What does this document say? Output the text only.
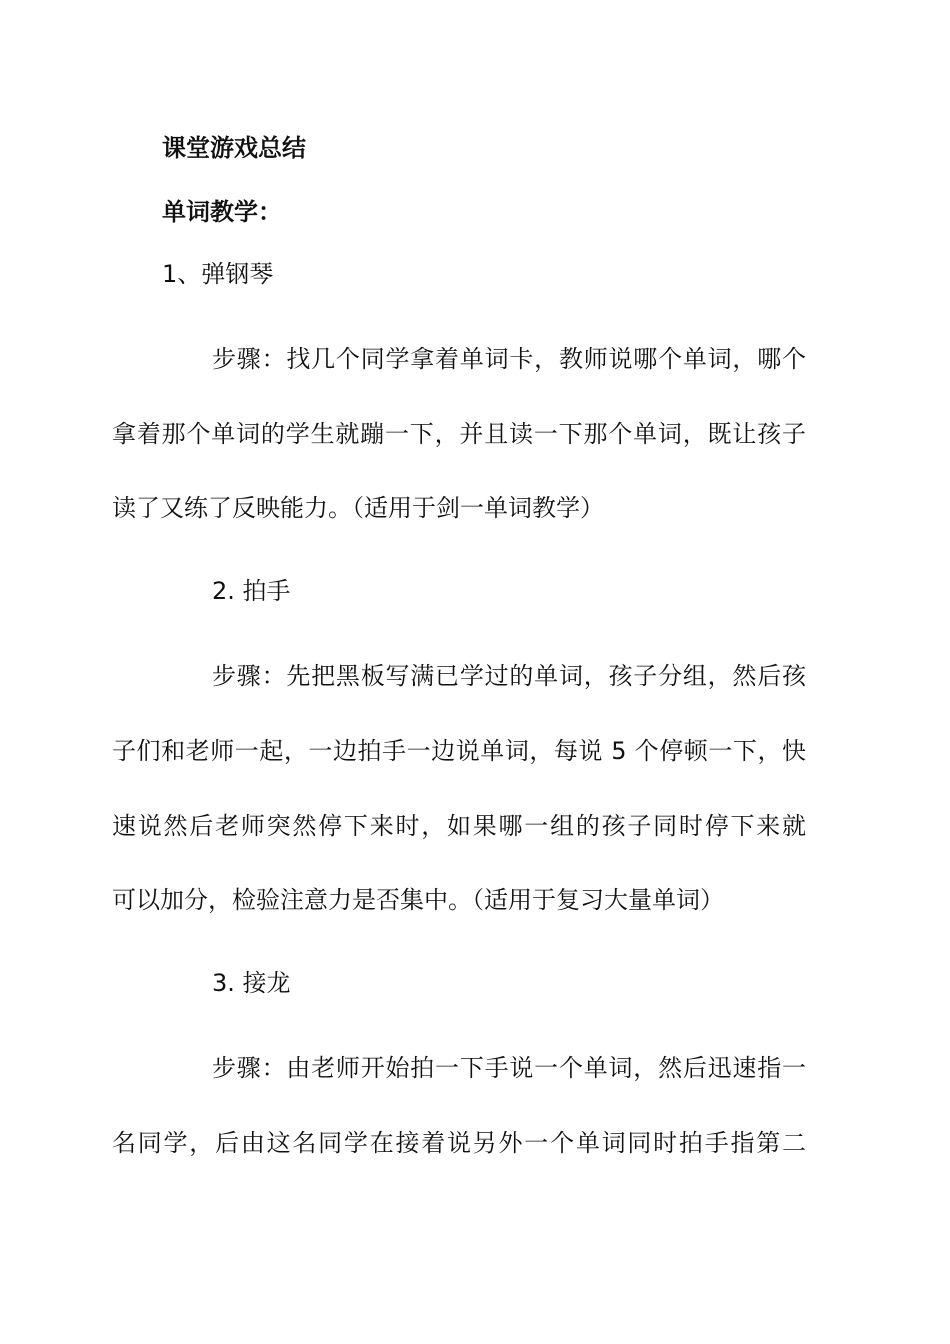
课堂游戏总结

单词教学：

1、弹钢琴

步骤：找几个同学拿着单词卡，教师说哪个单词，哪个

拿着那个单词的学生就蹦一下，并且读一下那个单词，既让孩子

读了又练了反映能力。（适用于剑一单词教学）

2. 拍手

步骤：先把黑板写满已学过的单词，孩子分组，然后孩

子们和老师一起，一边拍手一边说单词，每说 5 个停顿一下，快

速说然后老师突然停下来时，如果哪一组的孩子同时停下来就

可以加分，检验注意力是否集中。（适用于复习大量单词）

3. 接龙

步骤：由老师开始拍一下手说一个单词，然后迅速指一

名同学，后由这名同学在接着说另外一个单词同时拍手指第二
